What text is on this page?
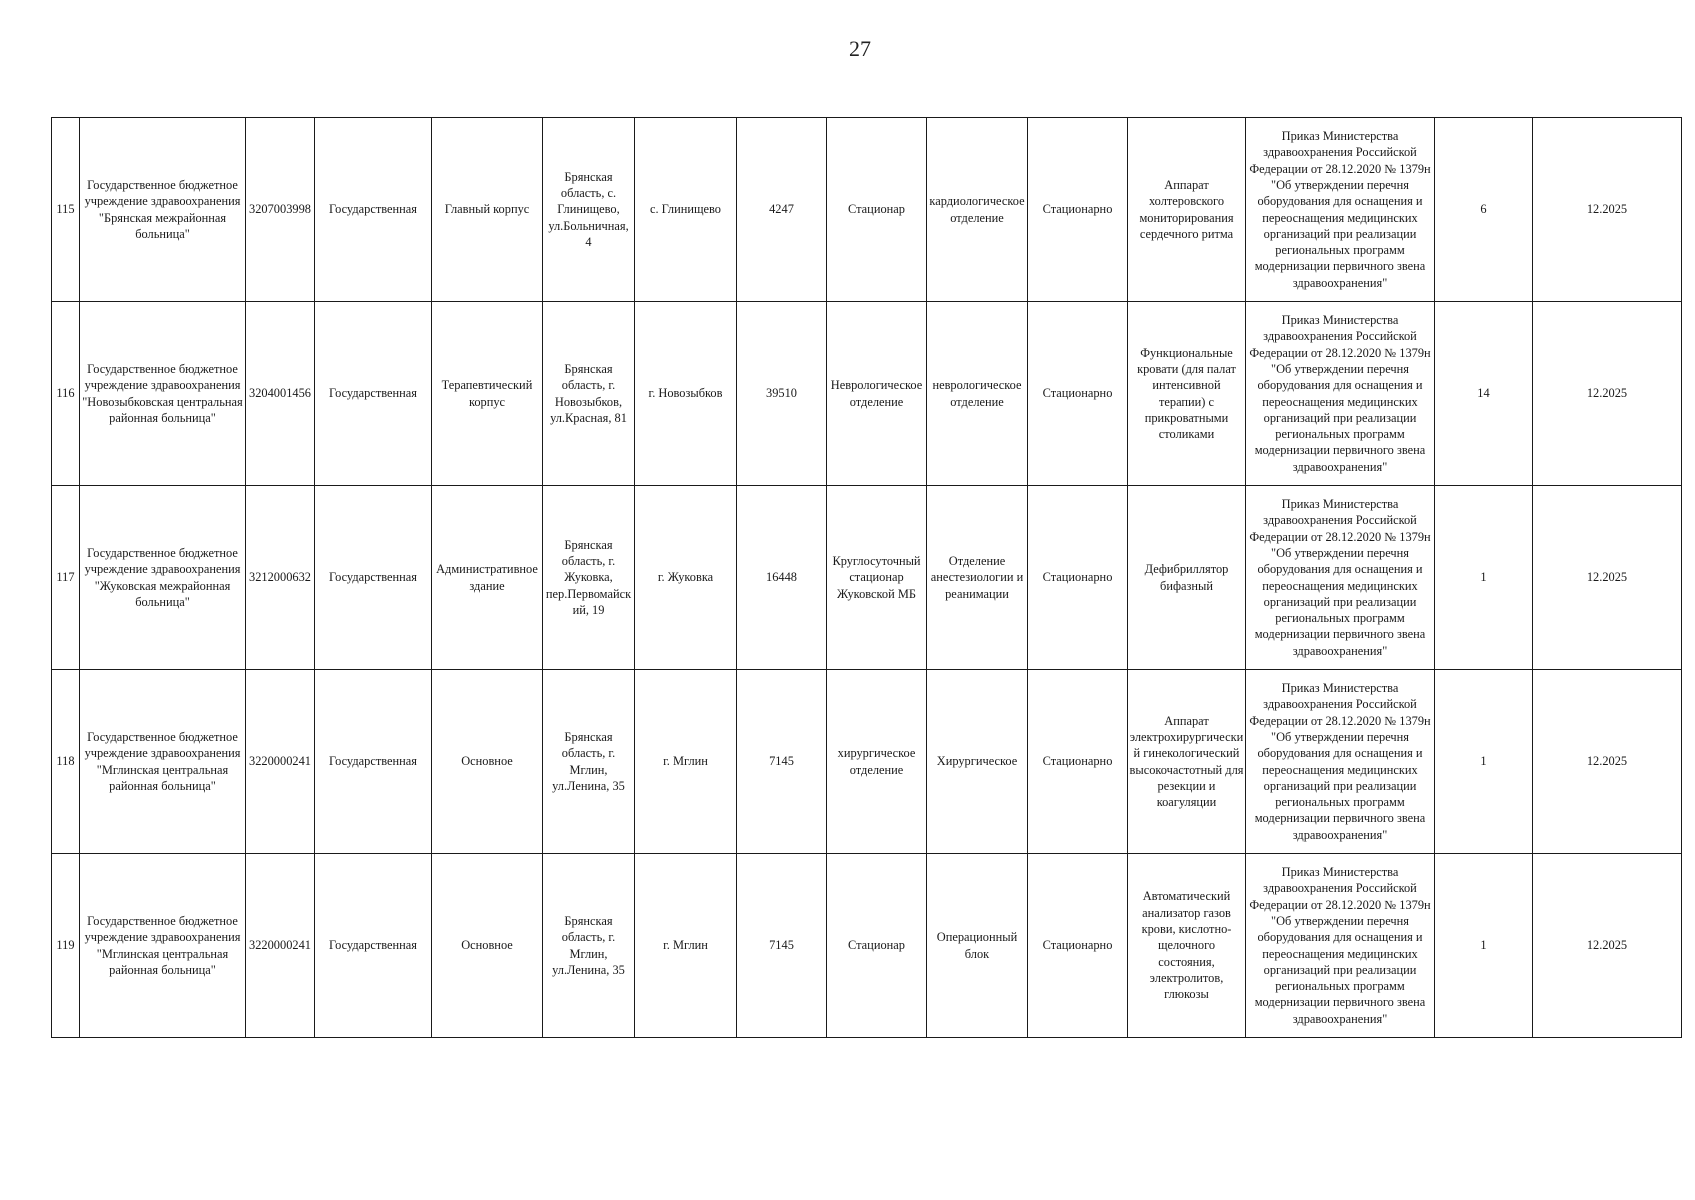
27
115	Государственное бюджетное учреждение здравоохранения "Брянская межрайонная больница"	3207003998	Государственная	Главный корпус	Брянская область, с. Глинищево, ул.Больничная, 4	с. Глинищево	4247	Стационар	кардиологическое отделение	Стационарно	Аппарат холтеровского мониторирования сердечного ритма	Приказ Министерства здравоохранения Российской Федерации от 28.12.2020 № 1379н "Об утверждении перечня оборудования для оснащения и переоснащения медицинских организаций при реализации региональных программ модернизации первичного звена здравоохранения"	6	12.2025
116	Государственное бюджетное учреждение здравоохранения "Новозыбковская центральная районная больница"	3204001456	Государственная	Терапевтический корпус	Брянская область, г. Новозыбков, ул.Красная, 81	г. Новозыбков	39510	Неврологическое отделение	неврологическое отделение	Стационарно	Функциональные кровати (для палат интенсивной терапии) с прикроватными столиками	Приказ Министерства здравоохранения Российской Федерации от 28.12.2020 № 1379н "Об утверждении перечня оборудования для оснащения и переоснащения медицинских организаций при реализации региональных программ модернизации первичного звена здравоохранения"	14	12.2025
117	Государственное бюджетное учреждение здравоохранения "Жуковская межрайонная больница"	3212000632	Государственная	Административное здание	Брянская область, г. Жуковка, пер.Первомайский, 19	г. Жуковка	16448	Круглосуточный стационар Жуковской МБ	Отделение анестезиологии и реанимации	Стационарно	Дефибриллятор бифазный	Приказ Министерства здравоохранения Российской Федерации от 28.12.2020 № 1379н "Об утверждении перечня оборудования для оснащения и переоснащения медицинских организаций при реализации региональных программ модернизации первичного звена здравоохранения"	1	12.2025
118	Государственное бюджетное учреждение здравоохранения "Мглинская центральная районная больница"	3220000241	Государственная	Основное	Брянская область, г. Мглин, ул.Ленина, 35	г. Мглин	7145	хирургическое отделение	Хирургическое	Стационарно	Аппарат электрохирургический гинекологический высокочастотный для резекции и коагуляции	Приказ Министерства здравоохранения Российской Федерации от 28.12.2020 № 1379н "Об утверждении перечня оборудования для оснащения и переоснащения медицинских организаций при реализации региональных программ модернизации первичного звена здравоохранения"	1	12.2025
119	Государственное бюджетное учреждение здравоохранения "Мглинская центральная районная больница"	3220000241	Государственная	Основное	Брянская область, г. Мглин, ул.Ленина, 35	г. Мглин	7145	Стационар	Операционный блок	Стационарно	Автоматический анализатор газов крови, кислотно-щелочного состояния, электролитов, глюкозы	Приказ Министерства здравоохранения Российской Федерации от 28.12.2020 № 1379н "Об утверждении перечня оборудования для оснащения и переоснащения медицинских организаций при реализации региональных программ модернизации первичного звена здравоохранения"	1	12.2025
